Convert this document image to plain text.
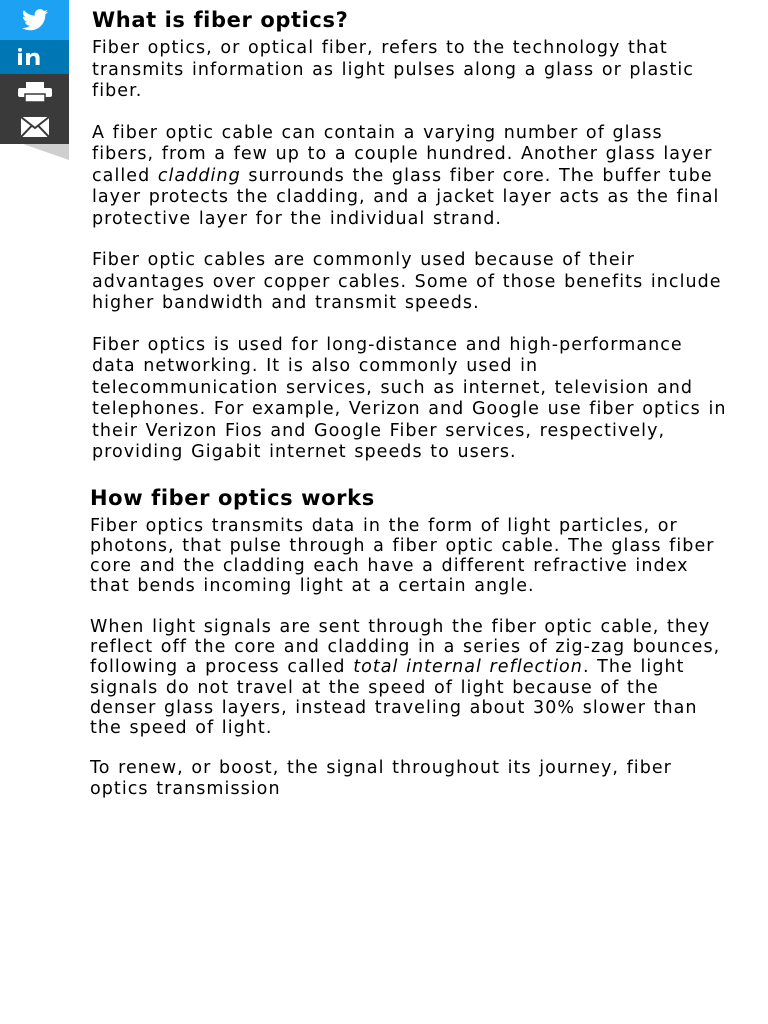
What is fiber optics?

Fiber optics, or optical fiber, refers to the technology that transmits information as light pulses along a glass or plastic fiber.

A fiber optic cable can contain a varying number of glass fibers, from a few up to a couple hundred. Another glass layer called cladding surrounds the glass fiber core. The buffer tube layer protects the cladding, and a jacket layer acts as the final protective layer for the individual strand.

Fiber optic cables are commonly used because of their advantages over copper cables. Some of those benefits include higher bandwidth and transmit speeds.

Fiber optics is used for long-distance and high-performance data networking. It is also commonly used in telecommunication services, such as internet, television and telephones. For example, Verizon and Google use fiber optics in their Verizon Fios and Google Fiber services, respectively, providing Gigabit internet speeds to users.

How fiber optics works

Fiber optics transmits data in the form of light particles, or photons, that pulse through a fiber optic cable. The glass fiber core and the cladding each have a different refractive index that bends incoming light at a certain angle.

When light signals are sent through the fiber optic cable, they reflect off the core and cladding in a series of zig-zag bounces, following a process called total internal reflection. The light signals do not travel at the speed of light because of the denser glass layers, instead traveling about 30% slower than the speed of light.

To renew, or boost, the signal throughout its journey, fiber optics transmission
